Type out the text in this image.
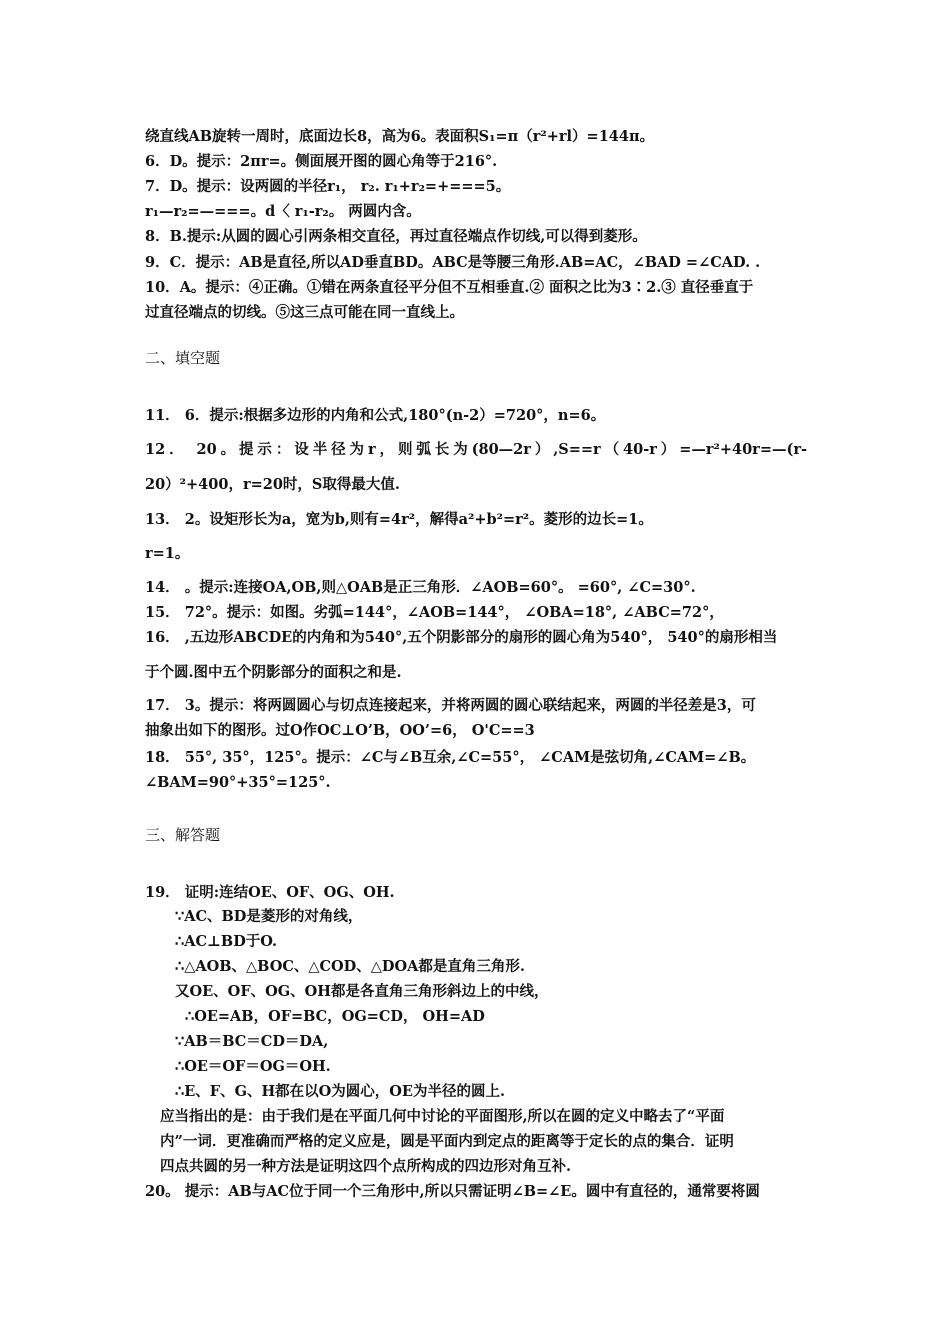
绕直线AB旋转一周时，底面边长8，高为6。表面积S₁=π（r²+rl）=144π。
6．D。提示：2πr=。侧面展开图的圆心角等于216°.
7．D。提示：设两圆的半径r₁， r₂. r₁+r₂=+===5。
r₁—r₂=—===。d〈 r₁-r₂。 两圆内含。
8．B.提示:从圆的圆心引两条相交直径，再过直径端点作切线,可以得到菱形。
9．C．提示：AB是直径,所以AD垂直BD。ABC是等腰三角形.AB=AC，∠BAD =∠CAD. .
10．A。提示：④正确。①错在两条直径平分但不互相垂直.② 面积之比为3∶2.③ 直径垂直于
过直径端点的切线。⑤这三点可能在同一直线上。
二、填空题
11． 6．提示:根据多边形的内角和公式,180°(n-2）=720°，n=6。
12． 20。提示：设半径为r，则弧长为(80—2r）,S==r（40-r）=—r²+40r=—(r-
20）²+400，r=20时，S取得最大值.
13． 2。设矩形长为a，宽为b,则有=4r²，解得a²+b²=r²。菱形的边长=1。
r=1。
14． 。提示:连接OA,OB,则△OAB是正三角形．∠AOB=60°。 =60°, ∠C=30°.
15． 72°。提示：如图。劣弧=144°，∠AOB=144°， ∠OBA=18°, ∠ABC=72°，
16． ,五边形ABCDE的内角和为540°,五个阴影部分的扇形的圆心角为540°， 540°的扇形相当
于个圆.图中五个阴影部分的面积之和是.
17． 3。提示：将两圆圆心与切点连接起来，并将两圆的圆心联结起来，两圆的半径差是3，可
抽象出如下的图形。过O作OC⊥O’B，OO’=6， O'C==3
18． 55°, 35°，125°。提示：∠C与∠B互余,∠C=55°， ∠CAM是弦切角,∠CAM=∠B。
∠BAM=90°+35°=125°.
三、解答题
19． 证明:连结OE、OF、OG、OH.
∵AC、BD是菱形的对角线，
∴AC⊥BD于O.
∴△AOB、△BOC、△COD、△DOA都是直角三角形.
又OE、OF、OG、OH都是各直角三角形斜边上的中线，
∴OE=AB，OF=BC，OG=CD， OH=AD
∵AB＝BC＝CD＝DA,
∴OE＝OF＝OG＝OH.
∴E、F、G、H都在以O为圆心，OE为半径的圆上.
应当指出的是：由于我们是在平面几何中讨论的平面图形,所以在圆的定义中略去了“平面
内”一词．更准确而严格的定义应是，圆是平面内到定点的距离等于定长的点的集合．证明
四点共圆的另一种方法是证明这四个点所构成的四边形对角互补.
20。 提示：AB与AC位于同一个三角形中,所以只需证明∠B=∠E。圆中有直径的，通常要将圆
